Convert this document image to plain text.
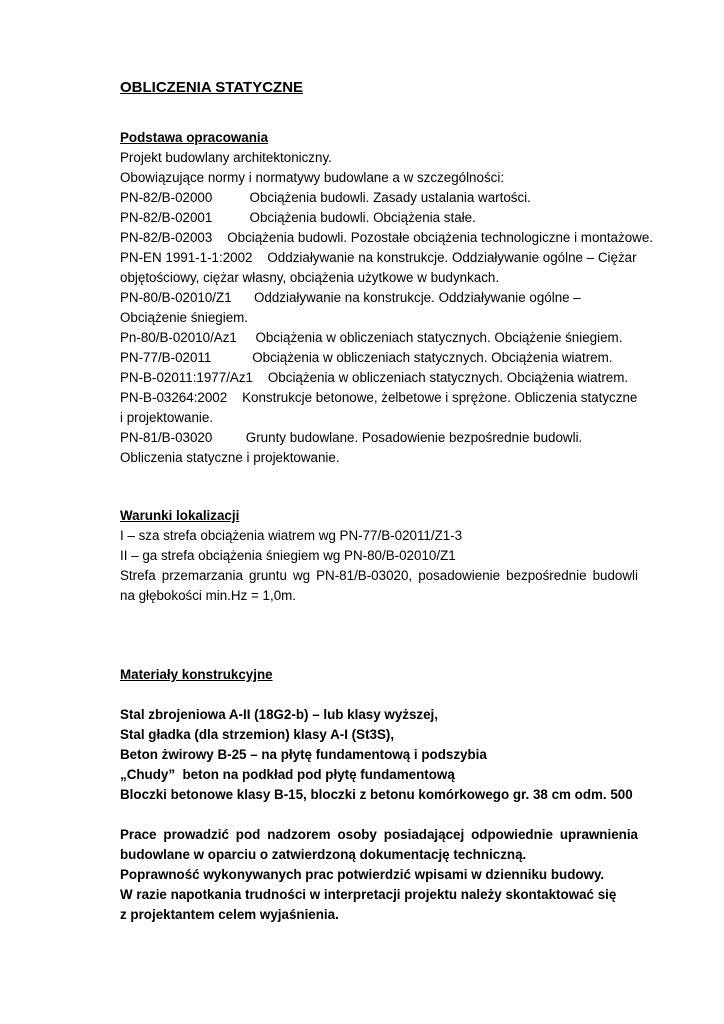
OBLICZENIA STATYCZNE
Podstawa opracowania
Projekt budowlany architektoniczny.
Obowiązujące normy i normatywy budowlane a w szczególności:
PN-82/B-02000	Obciążenia budowli. Zasady ustalania wartości.
PN-82/B-02001	Obciążenia budowli. Obciążenia stałe.
PN-82/B-02003 Obciążenia budowli. Pozostałe obciążenia technologiczne i montażowe.
PN-EN 1991-1-1:2002 Oddziaływanie na konstrukcje. Oddziaływanie ogólne – Ciężar objętościowy, ciężar własny, obciążenia użytkowe w budynkach.
PN-80/B-02010/Z1 Oddziaływanie na konstrukcje. Oddziaływanie ogólne – Obciążenie śniegiem.
Pn-80/B-02010/Az1 Obciążenia w obliczeniach statycznych. Obciążenie śniegiem.
PN-77/B-02011	Obciążenia w obliczeniach statycznych. Obciążenia wiatrem.
PN-B-02011:1977/Az1 Obciążenia w obliczeniach statycznych. Obciążenia wiatrem.
PN-B-03264:2002 Konstrukcje betonowe, żelbetowe i sprężone. Obliczenia statyczne i projektowanie.
PN-81/B-03020 Grunty budowlane. Posadowienie bezpośrednie budowli. Obliczenia statyczne i projektowanie.
Warunki lokalizacji
I – sza strefa obciążenia wiatrem wg PN-77/B-02011/Z1-3
II – ga strefa obciążenia śniegiem wg PN-80/B-02010/Z1
Strefa przemarzania gruntu wg PN-81/B-03020, posadowienie bezpośrednie budowli na głębokości min.Hz = 1,0m.
Materiały konstrukcyjne
Stal zbrojeniowa A-II (18G2-b) – lub klasy wyższej,
Stal gładka (dla strzemion) klasy A-I (St3S),
Beton żwirowy B-25 – na płytę fundamentową i podszybia
„Chudy”  beton na podkład pod płytę fundamentową
Bloczki betonowe klasy B-15, bloczki z betonu komórkowego gr. 38 cm odm. 500
Prace prowadzić pod nadzorem osoby posiadającej odpowiednie uprawnienia budowlane w oparciu o zatwierdzoną dokumentację techniczną.
Poprawność wykonywanych prac potwierdzić wpisami w dzienniku budowy.
W razie napotkania trudności w interpretacji projektu należy skontaktować się
z projektantem celem wyjaśnienia.
